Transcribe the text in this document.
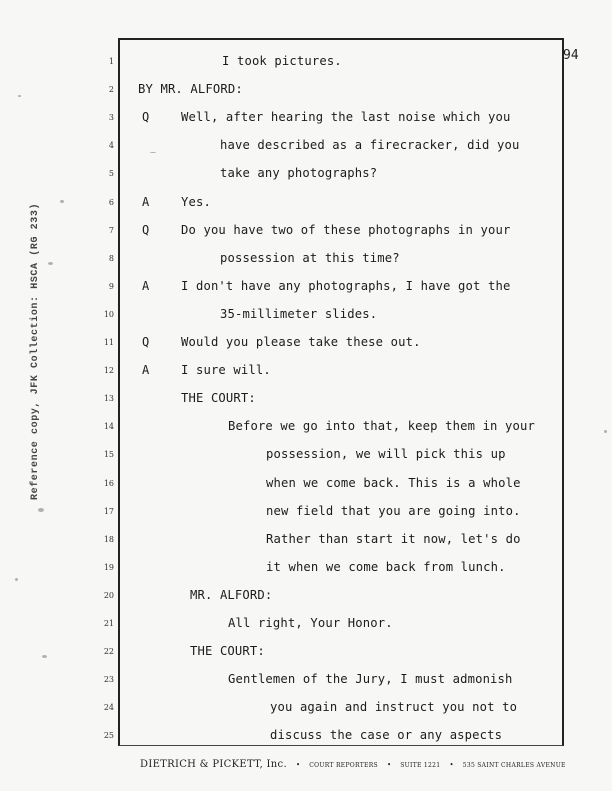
94
Reference copy, JFK Collection: HSCA (RG 233)
1	I took pictures.
2 BY MR. ALFORD:
3 Q	Well, after hearing the last noise which you
4	have described as a firecracker, did you
5	take any photographs?
6 A	Yes.
7 Q	Do you have two of these photographs in your
8	possession at this time?
9 A	I don't have any photographs, I have got the
10	35-millimeter slides.
11 Q	Would you please take these out.
12 A	I sure will.
13	THE COURT:
14	Before we go into that, keep them in your
15	possession, we will pick this up
16	when we come back. This is a whole
17	new field that you are going into.
18	Rather than start it now, let's do
19	it when we come back from lunch.
20	MR. ALFORD:
21	All right, Your Honor.
22	THE COURT:
23	Gentlemen of the Jury, I must admonish
24	you again and instruct you not to
25	discuss the case or any aspects
DIETRICH & PICKETT, Inc. • COURT REPORTERS • SUITE 1221 • 535 SAINT CHARLES AVENUE
